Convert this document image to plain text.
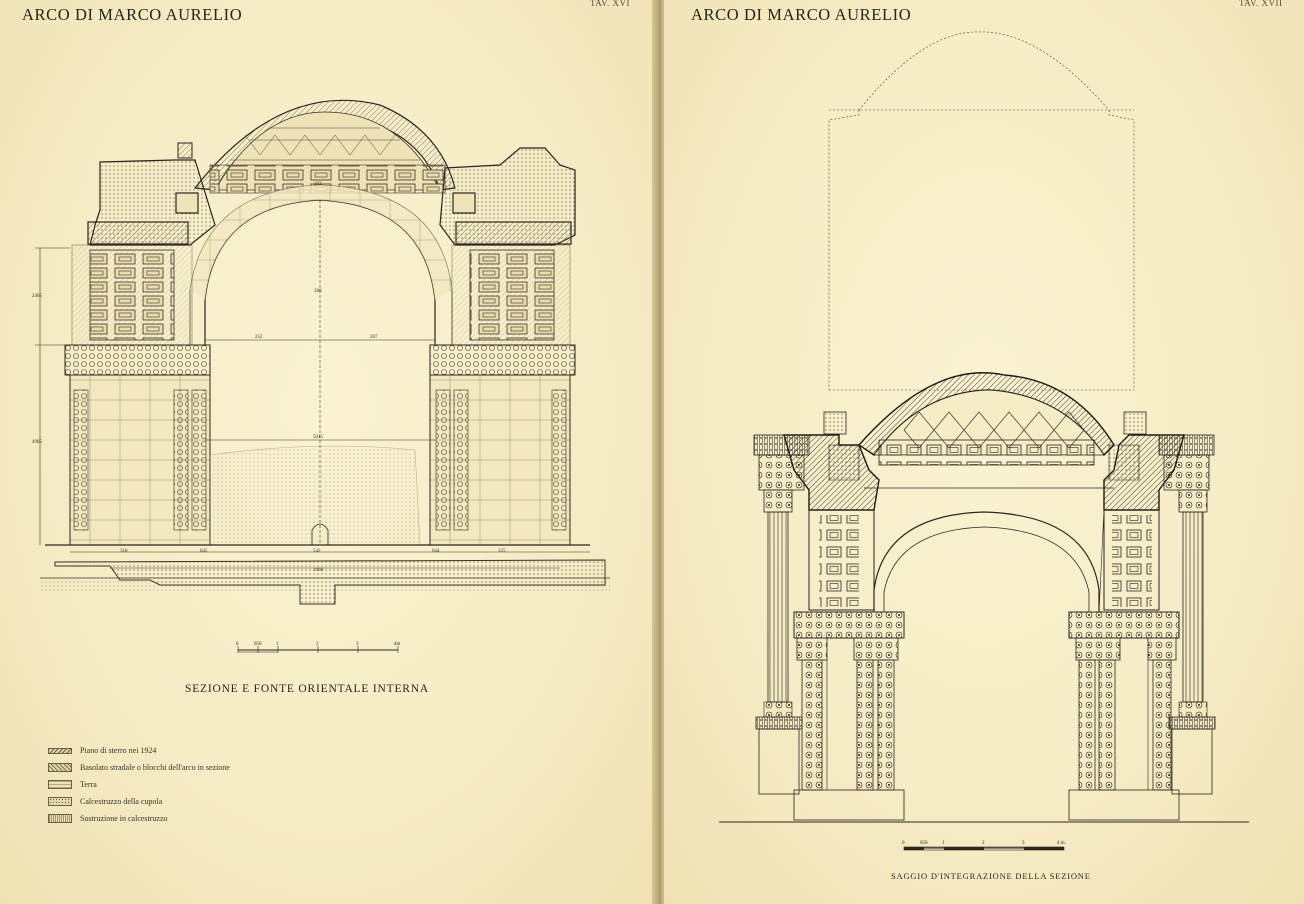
ARCO DI MARCO AURELIO
TAV. XVI
202
280
252	287
2465
4985
5015
318	045	542	044	325
1668
0	050	1	2	3	4m
SEZIONE E FONTE ORIENTALE INTERNA
Piano di sterro nei 1924
Basolato stradale o blocchi dell'arco in sezione
Terra
Calcestruzzo della cupola
Sostruzione in calcestruzzo
ARCO DI MARCO AURELIO
TAV. XVII
0	050	1	2	3	4 m.
SAGGIO D'INTEGRAZIONE DELLA SEZIONE
